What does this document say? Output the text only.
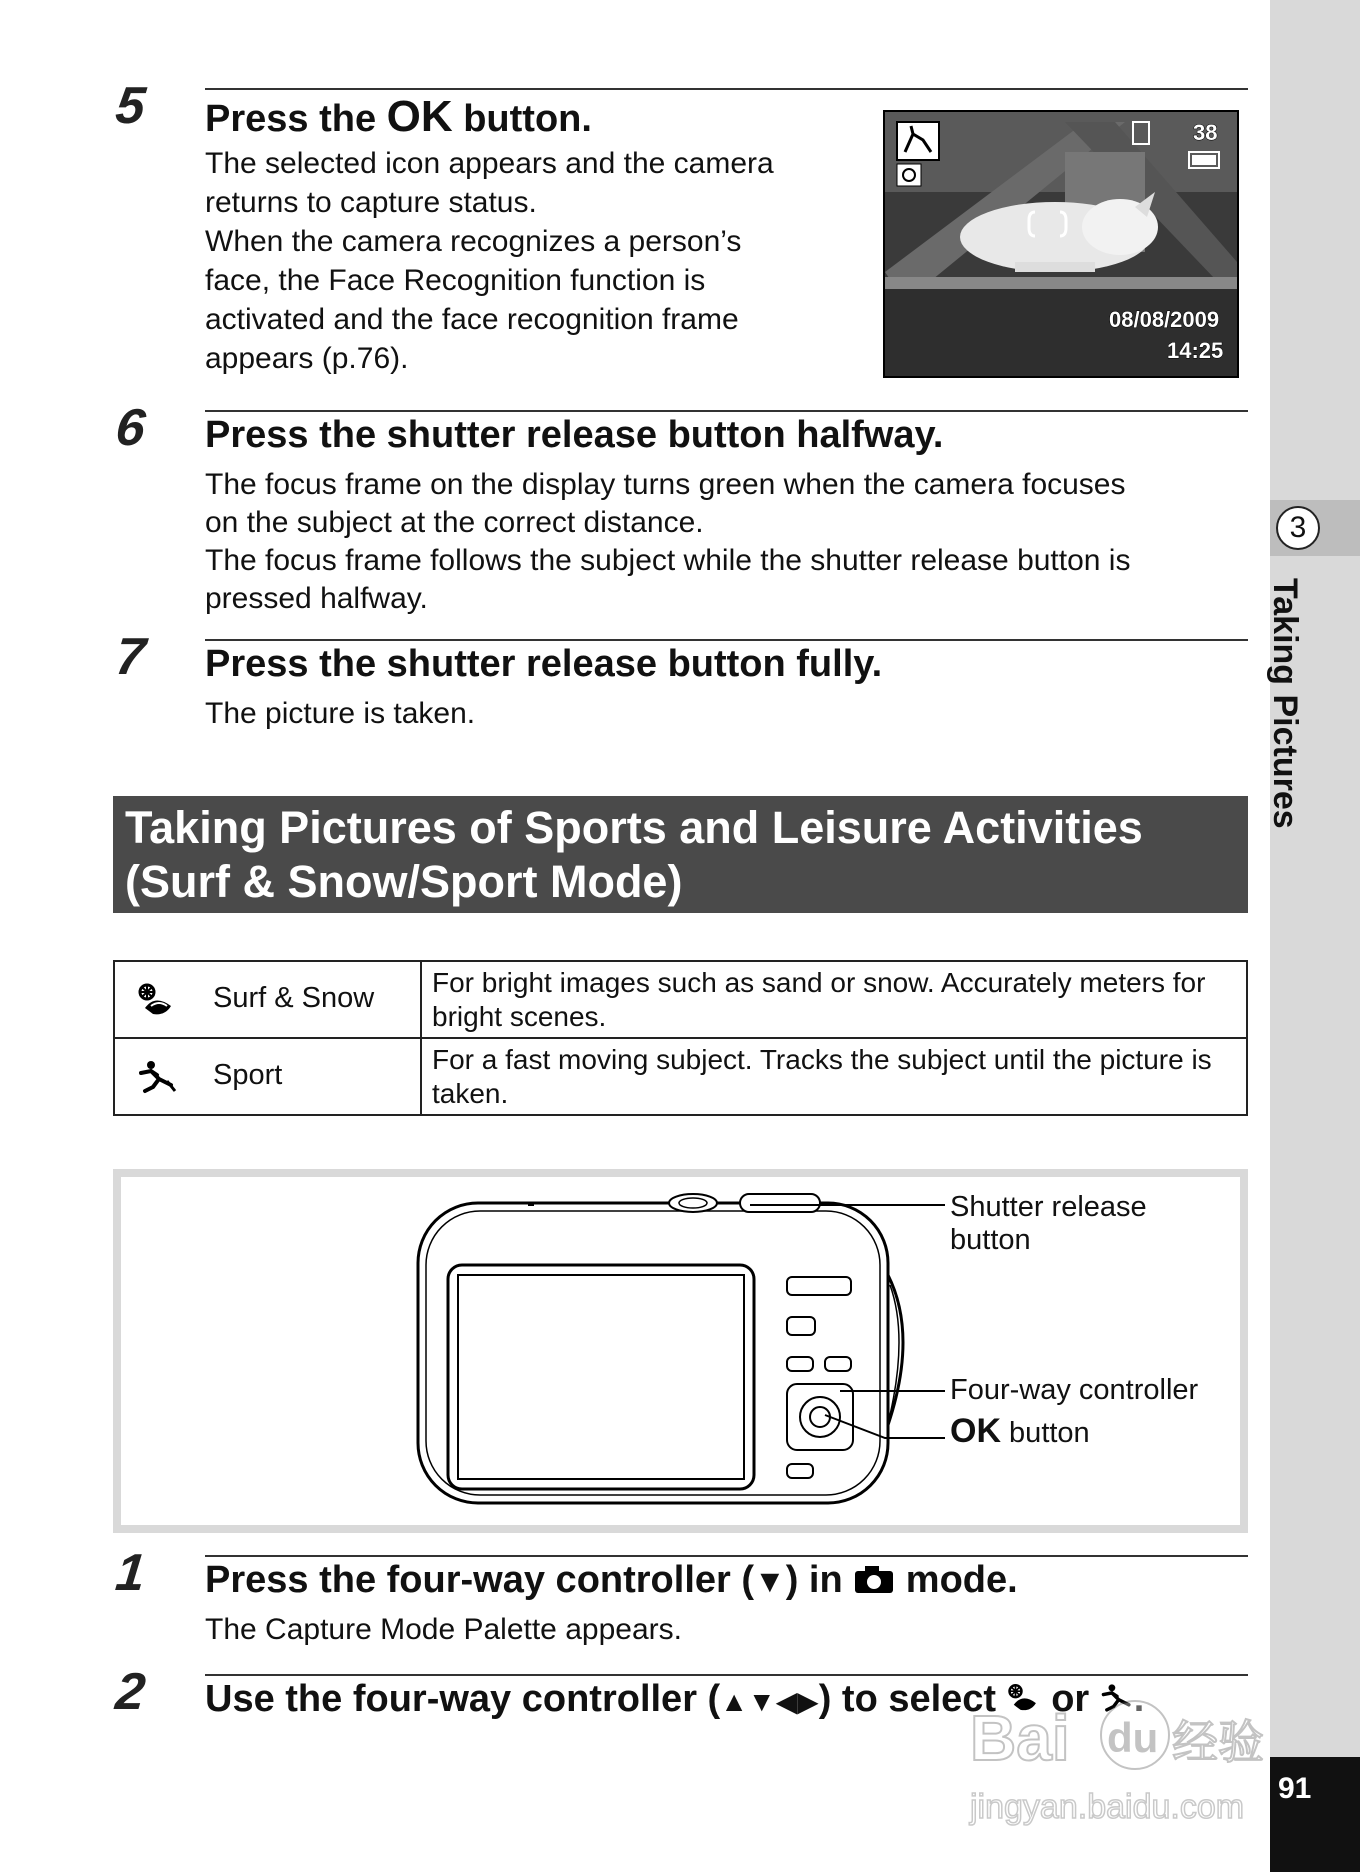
3
Taking Pictures
91
5 Press the OK button.

The selected icon appears and the camera

returns to capture status.

When the camera recognizes a person’s

face, the Face Recognition function is

activated and the face recognition frame

appears (p.76).

38
08/08/2009
14:25
6 Press the shutter release button halfway.

The focus frame on the display turns green when the camera focuses

on the subject at the correct distance.

The focus frame follows the subject while the shutter release button is

pressed halfway.

7 Press the shutter release button fully.

The picture is taken.

Taking Pictures of Sports and Leisure Activities
(Surf & Snow/Sport Mode)
Surf & Snow	For bright images such as sand or snow. Accurately meters for bright scenes.

Sport	For a fast moving subject. Tracks the subject until the picture is taken.
Shutter release
button
Four-way controller
OK button
1 Press the four-way controller (▼) in  mode.
The Capture Mode Palette appears.
2 Use the four-way controller (▲▼◀▶) to select  or .
Bai du 经验
jingyan.baidu.com
